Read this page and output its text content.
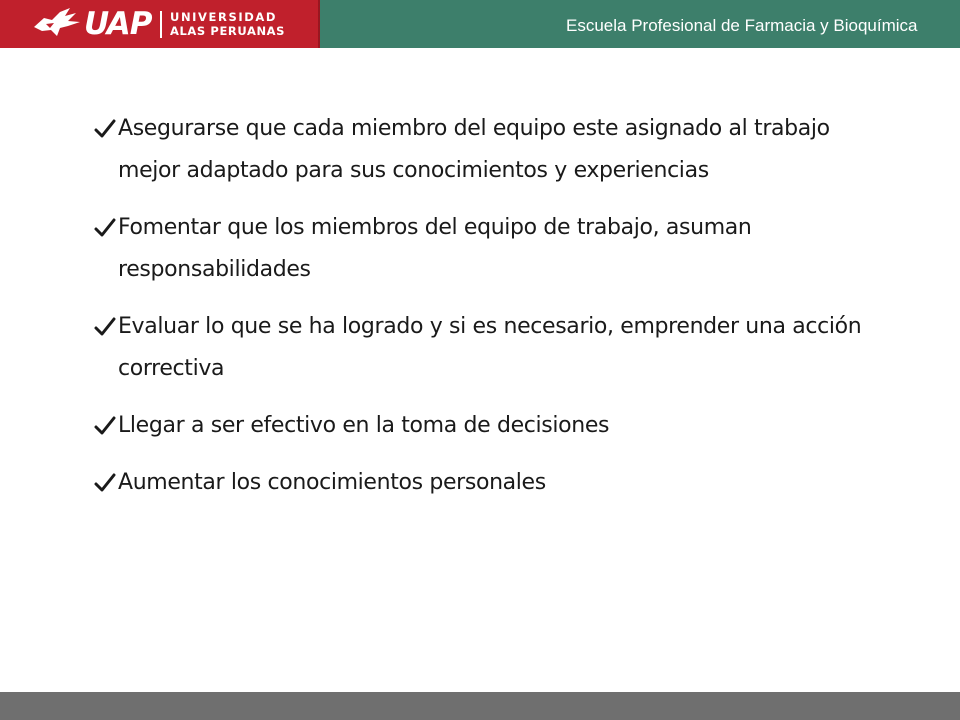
UAP UNIVERSIDAD
ALAS PERUANAS	Escuela Profesional de Farmacia y Bioquímica
Asegurarse que cada miembro del equipo este asignado al trabajo mejor adaptado para sus conocimientos y experiencias
Fomentar que los miembros del equipo de trabajo, asuman responsabilidades
Evaluar lo que se ha logrado y si es necesario, emprender una acción correctiva
Llegar a ser efectivo en la toma de decisiones
Aumentar los conocimientos personales
